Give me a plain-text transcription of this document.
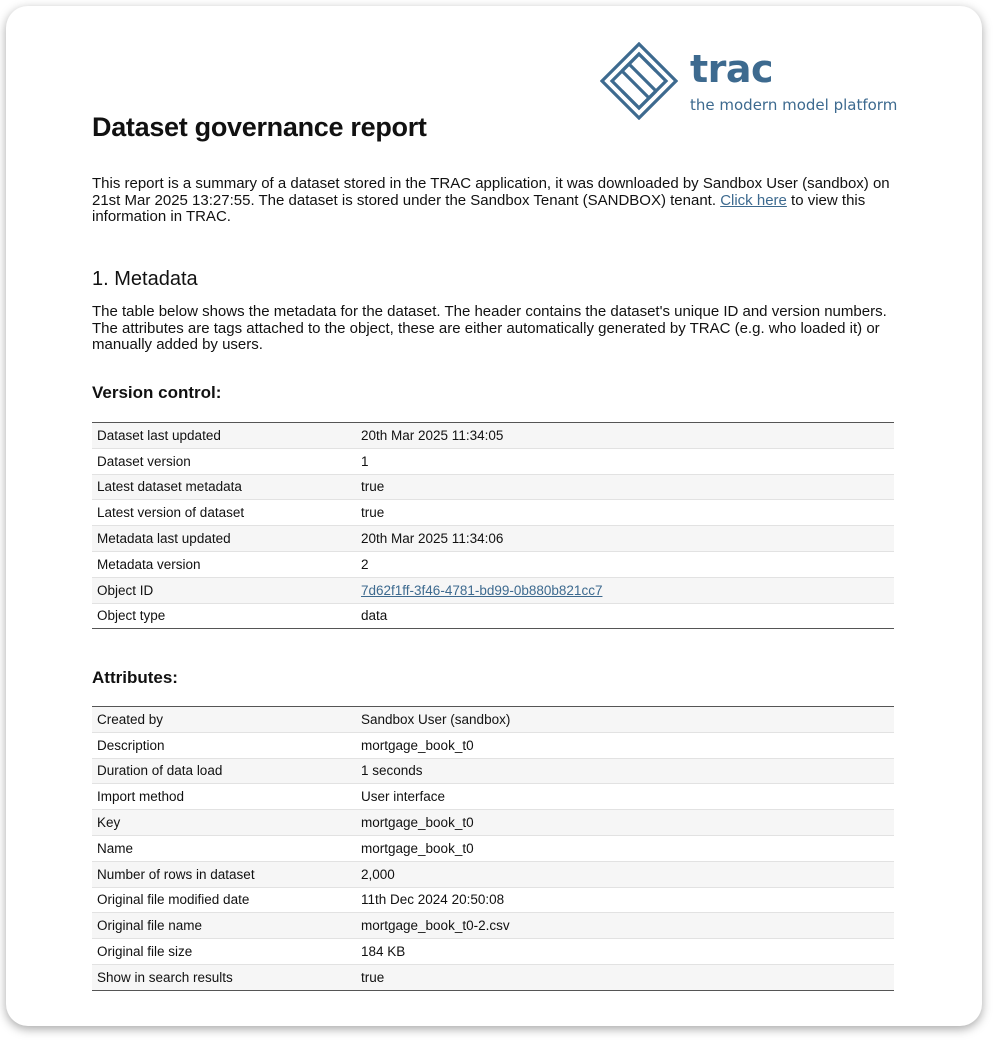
trac
the modern model platform
Dataset governance report

This report is a summary of a dataset stored in the TRAC application, it was downloaded by Sandbox User (sandbox) on 21st Mar 2025 13:27:55. The dataset is stored under the Sandbox Tenant (SANDBOX) tenant. Click here to view this information in TRAC.

1. Metadata

The table below shows the metadata for the dataset. The header contains the dataset's unique ID and version numbers. The attributes are tags attached to the object, these are either automatically generated by TRAC (e.g. who loaded it) or manually added by users.

Version control:
Dataset last updated	20th Mar 2025 11:34:05
Dataset version	1
Latest dataset metadata	true
Latest version of dataset	true
Metadata last updated	20th Mar 2025 11:34:06
Metadata version	2
Object ID	7d62f1ff-3f46-4781-bd99-0b880b821cc7
Object type	data
Attributes:
Created by	Sandbox User (sandbox)
Description	mortgage_book_t0
Duration of data load	1 seconds
Import method	User interface
Key	mortgage_book_t0
Name	mortgage_book_t0
Number of rows in dataset	2,000
Original file modified date	11th Dec 2024 20:50:08
Original file name	mortgage_book_t0-2.csv
Original file size	184 KB
Show in search results	true
